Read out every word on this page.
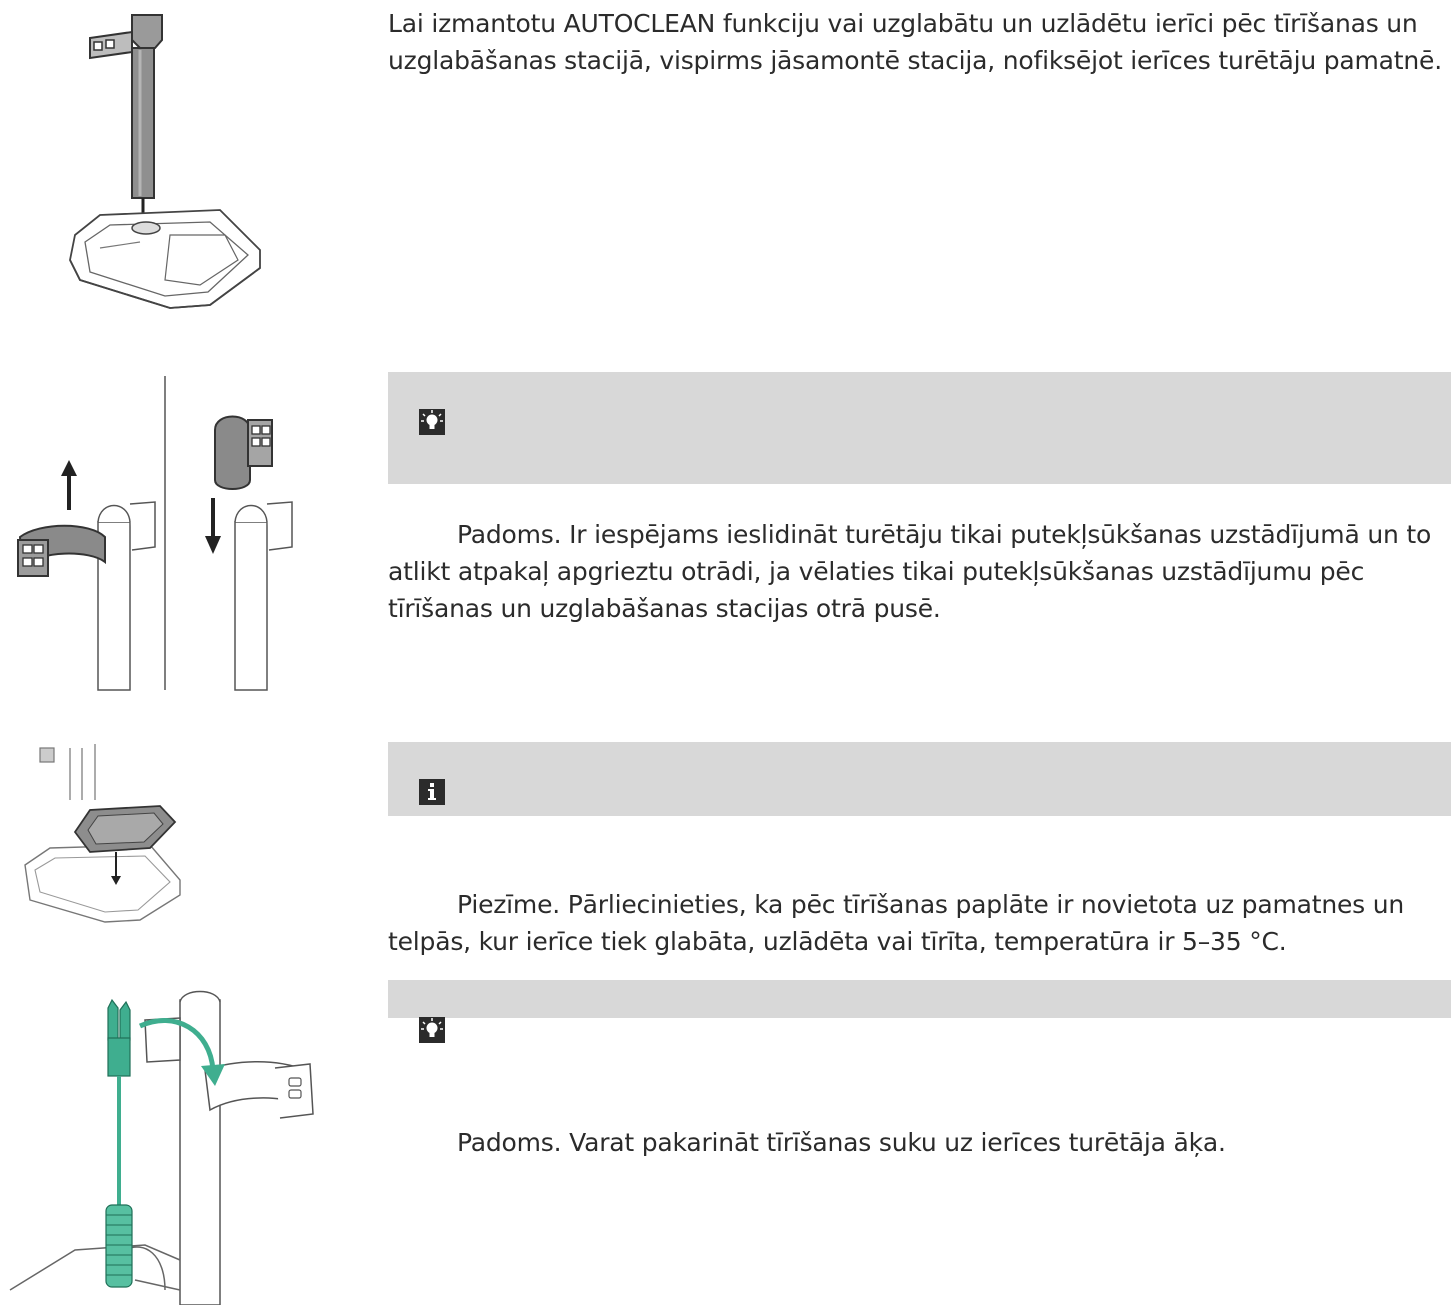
Lai izmantotu AUTOCLEAN funkciju vai uzglabātu un uzlādētu ierīci pēc tīrīšanas un uzglabāšanas stacijā, vispirms jāsamontē stacija, nofiksējot ierīces turētāju pamatnē.

Padoms. Ir iespējams ieslidināt turētāju tikai putekļsūkšanas uzstādījumā un to atlikt atpakaļ apgrieztu otrādi, ja vēlaties tikai putekļsūkšanas uzstādījumu pēc tīrīšanas un uzglabāšanas stacijas otrā pusē.

Piezīme. Pārliecinieties, ka pēc tīrīšanas paplāte ir novietota uz pamatnes un telpās, kur ierīce tiek glabāta, uzlādēta vai tīrīta, temperatūra ir 5–35 °C.

Padoms. Varat pakarināt tīrīšanas suku uz ierīces turētāja āķa.
